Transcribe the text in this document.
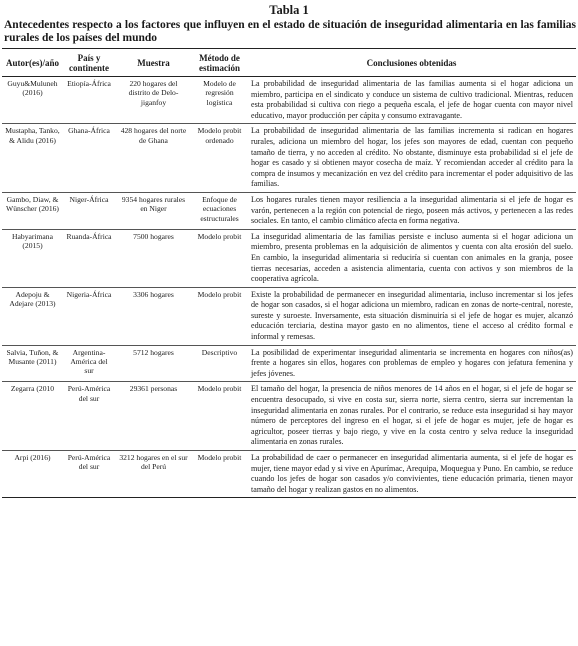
Tabla 1
Antecedentes respecto a los factores que influyen en el estado de situación de inseguridad alimentaria en las familias rurales de los países del mundo
Autor(es)/año	País y continente	Muestra	Método de estimación	Conclusiones obtenidas
Guyu&Muluneh (2016)	Etiopía-África	220 hogares del distrito de Delo-jiganfoy	Modelo de regresión logística	La probabilidad de inseguridad alimentaria de las familias aumenta si el hogar adiciona un miembro, participa en el sindicato y conduce un sistema de cultivo tradicional. Mientras, reducen esta probabilidad si cultiva con riego a pequeña escala, el jefe de hogar cuenta con mayor nivel educativo, mayor producción per cápita y consumo extravagante.
Mustapha, Tanko, & Alidu (2016)	Ghana-África	428 hogares del norte de Ghana	Modelo probit ordenado	La probabilidad de inseguridad alimentaria de las familias incrementa si radican en hogares rurales, adiciona un miembro del hogar, los jefes son mayores de edad, cuentan con pequeño tamaño de tierra, y no acceden al crédito. No obstante, disminuye esta probabilidad si el jefe de hogar es casado y si obtienen mayor cosecha de maíz. Y recomiendan acceder al crédito para la compra de insumos y mecanización en vez del crédito para incrementar el poder adquisitivo de las familias.
Gambo, Diaw, & Wünscher (2016)	Niger-África	9354 hogares rurales en Niger	Enfoque de ecuaciones estructurales	Los hogares rurales tienen mayor resiliencia a la inseguridad alimentaria si el jefe de hogar es varón, pertenecen a la región con potencial de riego, poseen más activos, y pertenecen a las redes sociales. En tanto, el cambio climático afecta en forma negativa.
Habyarimana (2015)	Ruanda-África	7500 hogares	Modelo probit	La inseguridad alimentaria de las familias persiste e incluso aumenta si el hogar adiciona un miembro, presenta problemas en la adquisición de alimentos y cuenta con alta erosión del suelo. En cambio, la inseguridad alimentaria si reduciría si cuentan con animales en la granja, posee tierras necesarias, acceden a asistencia alimentaria, cuenta con activos y son miembros de la cooperativa agrícola.
Adepoju & Adejare (2013)	Nigeria-África	3306 hogares	Modelo probit	Existe la probabilidad de permanecer en inseguridad alimentaria, incluso incrementar si los jefes de hogar son casados, si el hogar adiciona un miembro, radican en zonas de norte-central, noreste, sureste y suroeste. Inversamente, esta situación disminuiría si el jefe de hogar es mujer, alcanzó educación terciaria, destina mayor gasto en no alimentos, tiene el acceso al crédito formal e informal y remesas.
Salvia, Tuñon, & Musante (2011)	Argentina-América del sur	5712 hogares	Descriptivo	La posibilidad de experimentar inseguridad alimentaria se incrementa en hogares con niños(as) frente a hogares sin ellos, hogares con problemas de empleo y hogares con jefatura femenina y jefes jóvenes.
Zegarra (2010	Perú-América del sur	29361 personas	Modelo probit	El tamaño del hogar, la presencia de niños menores de 14 años en el hogar, si el jefe de hogar se encuentra desocupado, si vive en costa sur, sierra norte, sierra centro, sierra sur incrementan la inseguridad alimentaria en zonas rurales. Por el contrario, se reduce esta inseguridad si hay mayor número de perceptores del ingreso en el hogar, si el jefe de hogar es mujer, jefe de hogar es agricultor, poseer tierras y bajo riego, y vive en la costa centro y selva reduce la inseguridad alimentaria en zonas rurales.
Arpi (2016)	Perú-América del sur	3212 hogares en el sur del Perú	Modelo probit	La probabilidad de caer o permanecer en inseguridad alimentaria aumenta, si el jefe de hogar es mujer, tiene mayor edad y si vive en Apurímac, Arequipa, Moquegua y Puno. En cambio, se reduce cuando los jefes de hogar son casados y/o convivientes, tiene educación primaria, tienen mayor tamaño del hogar y realizan gastos en no alimentos.
